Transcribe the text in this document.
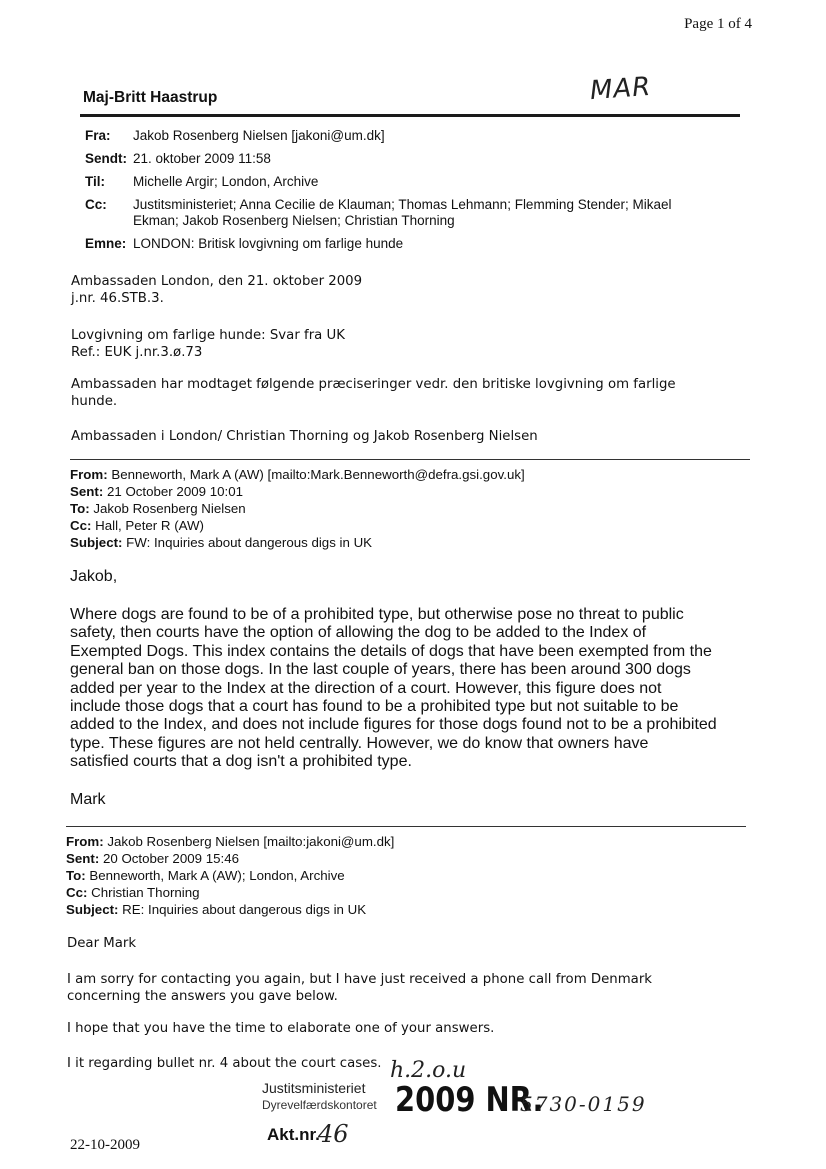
Page 1 of 4
MAR
Maj-Britt Haastrup
Fra: Jakob Rosenberg Nielsen [jakoni@um.dk]
Sendt: 21. oktober 2009 11:58
Til: Michelle Argir; London, Archive
Cc: Justitsministeriet; Anna Cecilie de Klauman; Thomas Lehmann; Flemming Stender; Mikael
Ekman; Jakob Rosenberg Nielsen; Christian Thorning
Emne: LONDON: Britisk lovgivning om farlige hunde
Ambassaden London, den 21. oktober 2009
j.nr. 46.STB.3.
Lovgivning om farlige hunde: Svar fra UK
Ref.: EUK j.nr.3.ø.73
Ambassaden har modtaget følgende præciseringer vedr. den britiske lovgivning om farlige
hunde.
Ambassaden i London/ Christian Thorning og Jakob Rosenberg Nielsen
From: Benneworth, Mark A (AW) [mailto:Mark.Benneworth@defra.gsi.gov.uk]
Sent: 21 October 2009 10:01
To: Jakob Rosenberg Nielsen
Cc: Hall, Peter R (AW)
Subject: FW: Inquiries about dangerous digs in UK
Jakob,
Where dogs are found to be of a prohibited type, but otherwise pose no threat to public
safety, then courts have the option of allowing the dog to be added to the Index of
Exempted Dogs. This index contains the details of dogs that have been exempted from the
general ban on those dogs. In the last couple of years, there has been around 300 dogs
added per year to the Index at the direction of a court. However, this figure does not
include those dogs that a court has found to be a prohibited type but not suitable to be
added to the Index, and does not include figures for those dogs found not to be a prohibited
type. These figures are not held centrally. However, we do know that owners have
satisfied courts that a dog isn't a prohibited type.
Mark
From: Jakob Rosenberg Nielsen [mailto:jakoni@um.dk]
Sent: 20 October 2009 15:46
To: Benneworth, Mark A (AW); London, Archive
Cc: Christian Thorning
Subject: RE: Inquiries about dangerous digs in UK
Dear Mark
I am sorry for contacting you again, but I have just received a phone call from Denmark
concerning the answers you gave below.
I hope that you have the time to elaborate one of your answers.
I it regarding bullet nr. 4 about the court cases. h.2.o.u
Justitsministeriet
Dyrevelfærdskontoret 2009 NR.
5730-0159
Akt.nr.
46
22-10-2009
